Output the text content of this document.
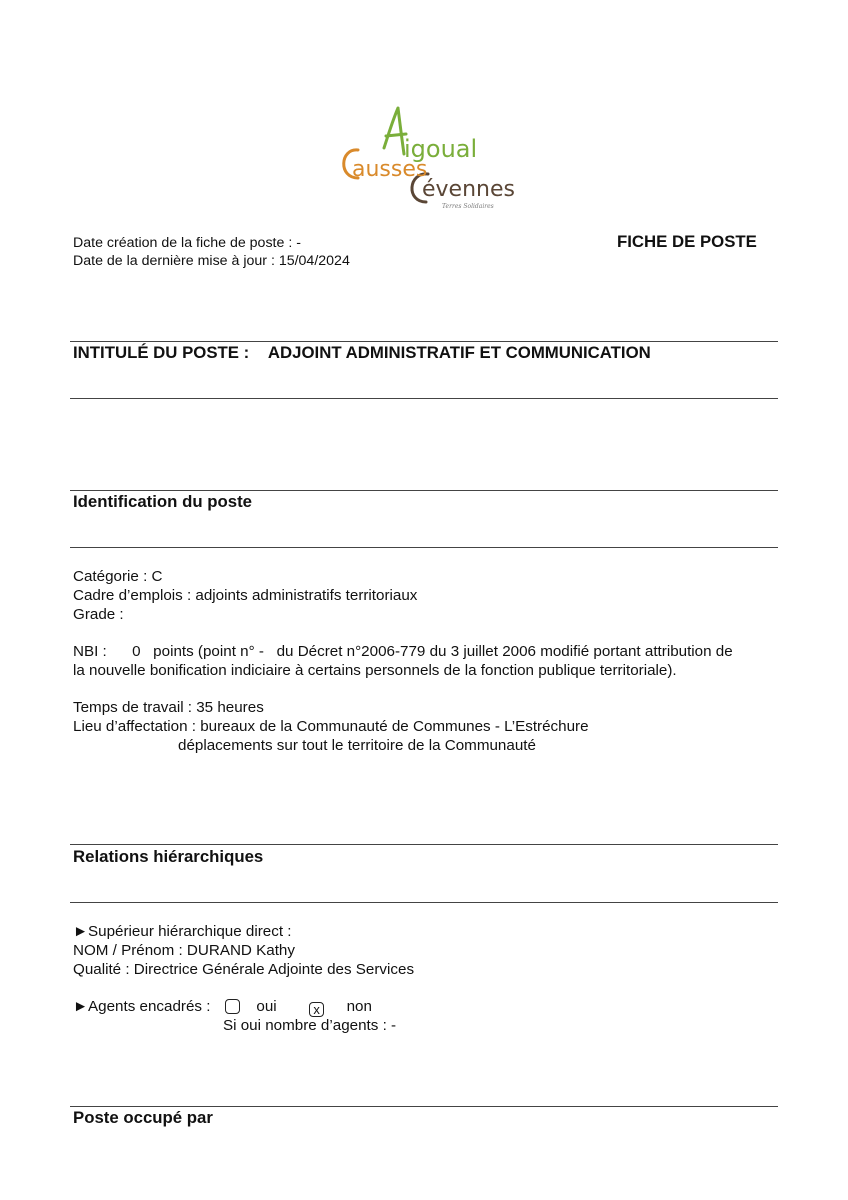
igoual
ausses
évennes
Terres Solidaires
Date création de la fiche de poste : -
Date de la dernière mise à jour : 15/04/2024
FICHE DE POSTE
INTITULÉ DU POSTE : ADJOINT ADMINISTRATIF ET COMMUNICATION
Identification du poste
Catégorie : C
Cadre d’emplois : adjoints administratifs territoriaux
Grade :
NBI :      0   points (point n° -   du Décret n°2006-779 du 3 juillet 2006 modifié portant attribution de
la nouvelle bonification indiciaire à certains personnels de la fonction publique territoriale).
Temps de travail : 35 heures
Lieu d’affectation : bureaux de la Communauté de Communes - L’Estréchure
déplacements sur tout le territoire de la Communauté
Relations hiérarchiques
►Supérieur hiérarchique direct :
NOM / Prénom : DURAND Kathy
Qualité : Directrice Générale Adjointe des Services
►Agents encadrés :	oui	x non
Si oui nombre d’agents : -
Poste occupé par
